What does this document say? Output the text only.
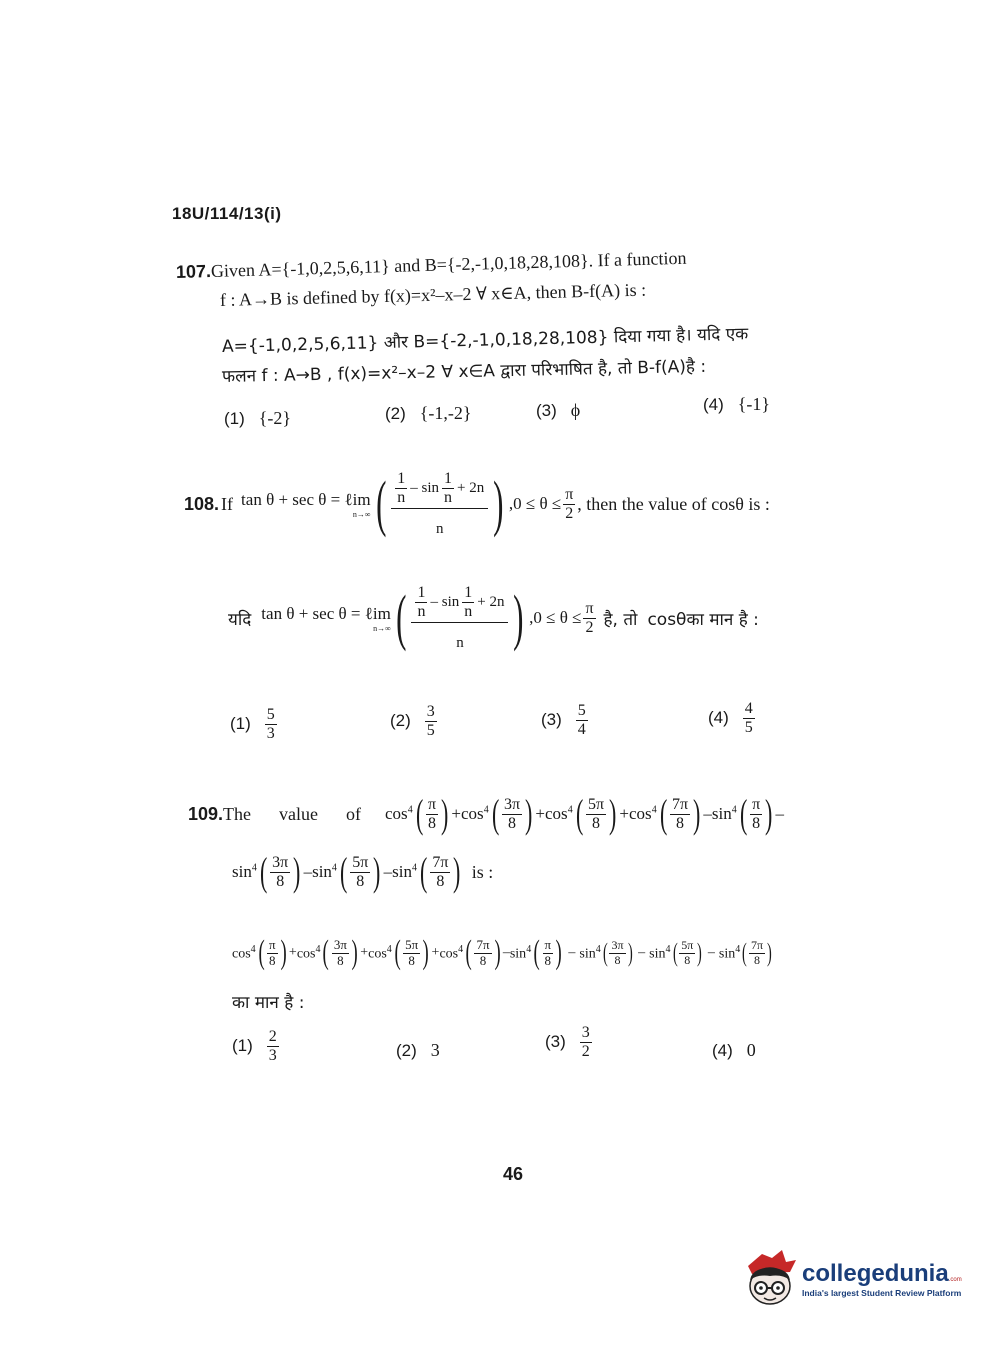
18U/114/13(i)
107.Given A={-1,0,2,5,6,11} and B={-2,-1,0,18,28,108}. If a function
f : A→B is defined by f(x)=x²–x–2 ∀ x∈A, then B-f(A) is :
A={-1,0,2,5,6,11} और B={-2,-1,0,18,28,108} दिया गया है। यदि एक
फलन f : A→B , f(x)=x²–x–2 ∀ x∈A द्वारा परिभाषित है, तो B-f(A)है :
(1) {-2}	(2) {-1,-2}	(3) ϕ	(4) {-1}
108. If tan θ + sec θ = ℓim
n→∞ ( $\frac{\frac{1}{n} - \sin \frac{1}{n} + 2n}{n}$ ) $,0 \le \theta \le \frac{\pi}{2}$ , then the value of cosθ is :
यदि tan θ + sec θ = ℓim
n→∞ ( $\frac{\frac{1}{n} - \sin \frac{1}{n} + 2n}{n}$ ) $,0 \le \theta \le \frac{\pi}{2}$ है, तो cosθका मान है :
$(1) \frac{5}{3}$	$(2) \frac{3}{5}$	$(3) \frac{5}{4}$	$(4) \frac{4}{5}$
109. The value of $\cos^4$ ( $\frac{\pi}{8}$ ) + $\cos^4$ ( $\frac{3\pi}{8}$ ) + $\cos^4$ ( $\frac{5\pi}{8}$ ) + $\cos^4$ ( $\frac{7\pi}{8}$ ) – $\sin^4$ ( $\frac{\pi}{8}$ ) –
$\sin^4$ ( $\frac{3\pi}{8}$ ) – $\sin^4$ ( $\frac{5\pi}{8}$ ) – $\sin^4$ ( $\frac{7\pi}{8}$ ) is :
$\cos^4$ ( $\frac{\pi}{8}$ ) + $\cos^4$ ( $\frac{3\pi}{8}$ ) + $\cos^4$ ( $\frac{5\pi}{8}$ ) + $\cos^4$ ( $\frac{7\pi}{8}$ ) – $\sin^4$ ( $\frac{\pi}{8}$ ) – $\sin^4$ ( $\frac{3\pi}{8}$ ) – $\sin^4$ ( $\frac{5\pi}{8}$ ) – $\sin^4$ ( $\frac{7\pi}{8}$ )
का मान है :
$(1) \frac{2}{3}$	(2) 3	$(3) \frac{3}{2}$	(4) 0
46
collegedunia.com
India's largest Student Review Platform
